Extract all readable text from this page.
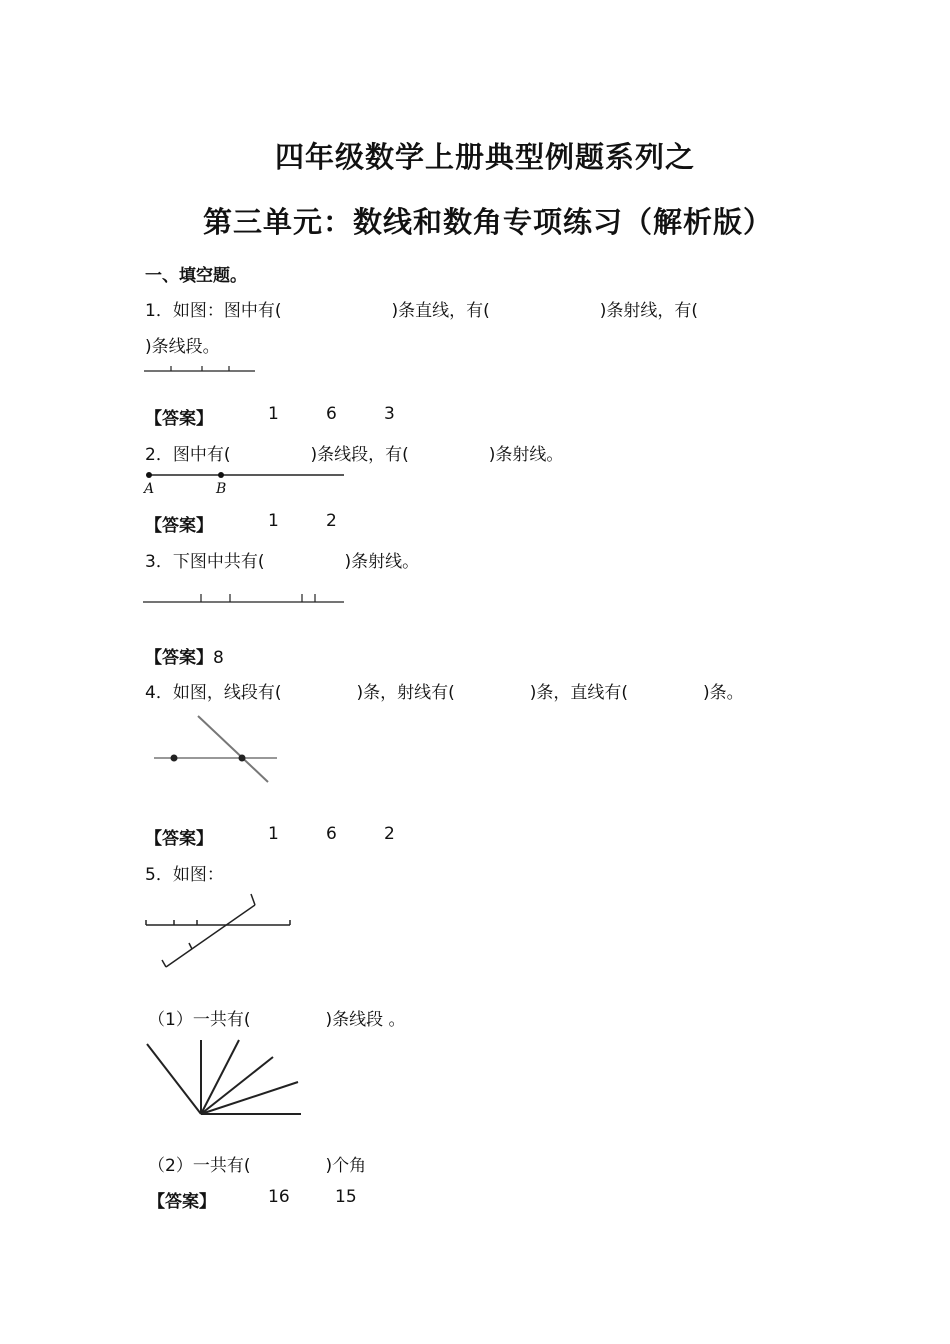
四年级数学上册典型例题系列之
第三单元：数线和数角专项练习（解析版）
一、填空题。
1．如图：图中有(	)条直线，有(	)条射线，有(
)条线段。
【答案】	1	6	3
2．图中有(	)条线段，有(	)条射线。
A	B
【答案】	1	2
3．下图中共有(	)条射线。
【答案】8
4．如图，线段有(	)条，射线有(	)条，直线有(	)条。
【答案】	1	6	2
5．如图：
（1）一共有(	)条线段 。
（2）一共有(	)个角
【答案】	16	15
